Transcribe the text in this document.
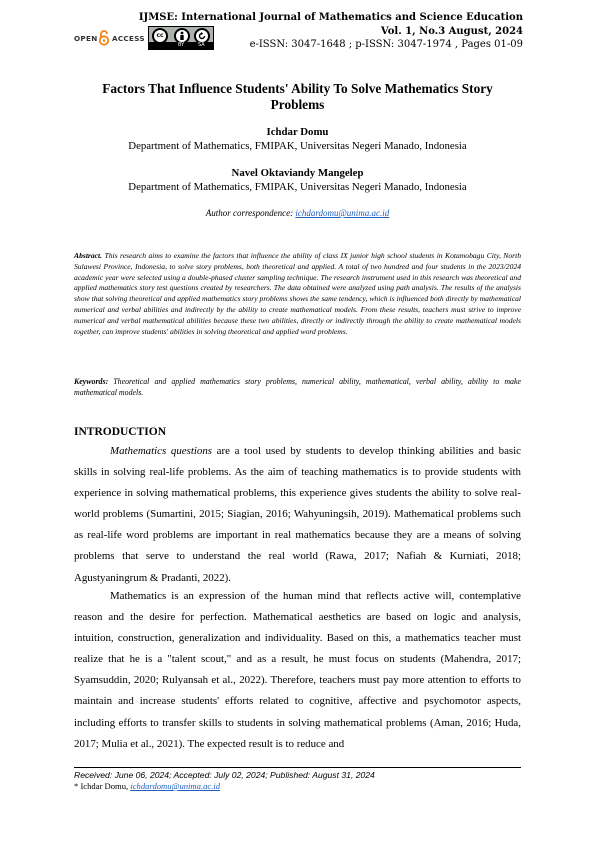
OPEN ACCESS	cc
BY	SA
IJMSE: International Journal of Mathematics and Science Education
Vol. 1, No.3 August, 2024
e-ISSN: 3047-1648 ; p-ISSN: 3047-1974 , Pages 01-09
Factors That Influence Students' Ability To Solve Mathematics Story Problems
Ichdar Domu
Department of Mathematics, FMIPAK, Universitas Negeri Manado, Indonesia
Navel Oktaviandy Mangelep
Department of Mathematics, FMIPAK, Universitas Negeri Manado, Indonesia
Author correspondence: ichdardomu@unima.ac.id
Abstract. This research aims to examine the factors that influence the ability of class IX junior high school students in Kotamobagu City, North Sulawesi Province, Indonesia, to solve story problems, both theoretical and applied. A total of two hundred and four students in the 2023/2024 academic year were selected using a double-phased cluster sampling technique. The research instrument used in this research was theoretical and applied mathematics story test questions created by researchers. The data obtained were analyzed using path analysis. The results of the analysis show that solving theoretical and applied mathematics story problems shows the same tendency, which is influenced both directly by mathematical numerical and verbal abilities and indirectly by the ability to create mathematical models. From these results, teachers must strive to improve numerical and verbal mathematical abilities because these two abilities, directly or indirectly through the ability to create mathematical models together, can improve students' abilities in solving theoretical and applied word problems.
Keywords: Theoretical and applied mathematics story problems, numerical ability, mathematical, verbal ability, ability to make mathematical models.
INTRODUCTION

Mathematics questions are a tool used by students to develop thinking abilities and basic skills in solving real-life problems. As the aim of teaching mathematics is to provide students with experience in solving mathematical problems, this experience gives students the ability to solve real-world problems (Sumartini, 2015; Siagian, 2016; Wahyuningsih, 2019). Mathematical problems such as real-life word problems are important in real mathematics because they are a means of solving problems that serve to understand the real world (Rawa, 2017; Nafiah & Kurniati, 2018; Agustyaningrum & Pradanti, 2022).

Mathematics is an expression of the human mind that reflects active will, contemplative reason and the desire for perfection. Mathematical aesthetics are based on logic and analysis, intuition, construction, generalization and individuality. Based on this, a mathematics teacher must realize that he is a "talent scout," and as a result, he must focus on students (Mahendra, 2017; Syamsuddin, 2020; Rulyansah et al., 2022). Therefore, teachers must pay more attention to efforts to maintain and increase students' efforts related to cognitive, affective and psychomotor aspects, including efforts to transfer skills to students in solving mathematical problems (Aman, 2016; Huda, 2017; Mulia et al., 2021). The expected result is to reduce and

Received: June 06, 2024; Accepted: July 02, 2024; Published: August 31, 2024
* Ichdar Domu, ichdardomu@unima.ac.id
